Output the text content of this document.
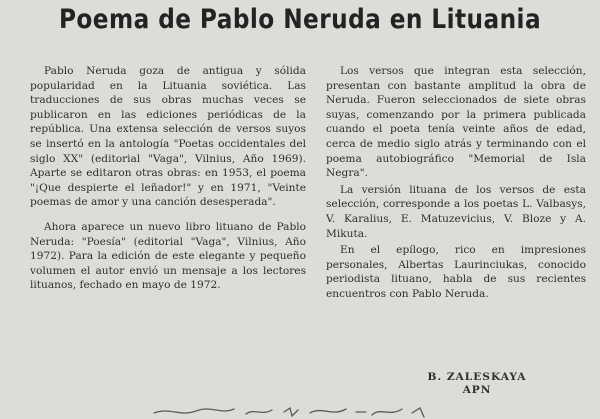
Poema de Pablo Neruda en Lituania

Pablo Neruda goza de antigua y sólida popularidad en la Lituania soviética. Las traducciones de sus obras muchas veces se publicaron en las ediciones periódicas de la república. Una extensa selección de versos suyos se insertó en la antología "Poetas occidentales del siglo XX" (editorial "Vaga", Vilnius, Año 1969). Aparte se editaron otras obras: en 1953, el poema "¡Que despierte el leñador!" y en 1971, "Veinte poemas de amor y una canción desesperada".

Ahora aparece un nuevo libro lituano de Pablo Neruda: "Poesía" (editorial "Vaga", Vilnius, Año 1972). Para la edición de este elegante y pequeño volumen el autor envió un mensaje a los lectores lituanos, fechado en mayo de 1972.

Los versos que integran esta selección, presentan con bastante amplitud la obra de Neruda. Fueron seleccionados de siete obras suyas, comenzando por la primera publicada cuando el poeta tenía veinte años de edad, cerca de medio siglo atrás y terminando con el poema autobiográfico "Memorial de Isla Negra".

La versión lituana de los versos de esta selección, corresponde a los poetas L. Valbasys, V. Karalius, E. Matuzevicius, V. Bloze y A. Mikuta.

En el epílogo, rico en impresiones personales, Albertas Laurinciukas, conocido periodista lituano, habla de sus recientes encuentros con Pablo Neruda.

B. ZALESKAYA
APN
